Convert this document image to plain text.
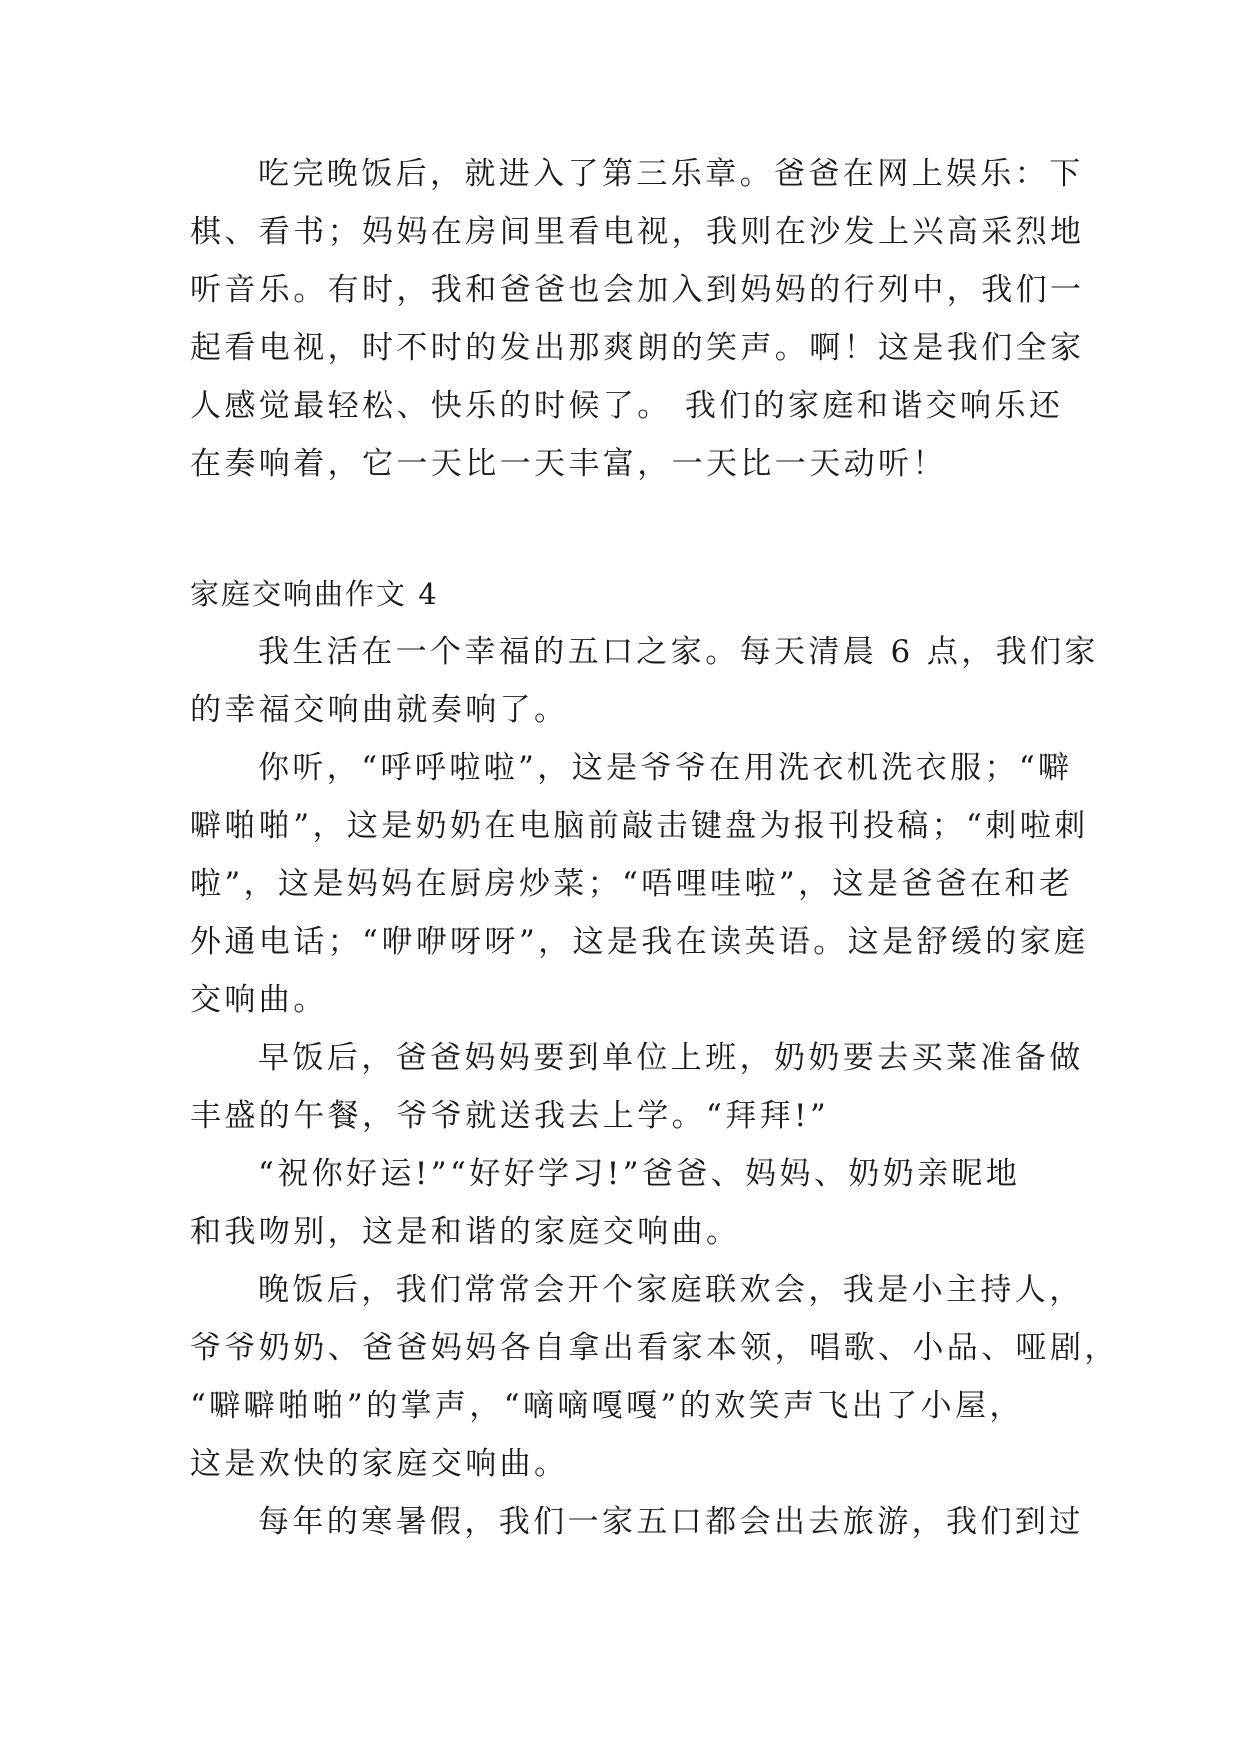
吃完晚饭后，就进入了第三乐章。爸爸在网上娱乐：下
棋、看书；妈妈在房间里看电视，我则在沙发上兴高采烈地
听音乐。有时，我和爸爸也会加入到妈妈的行列中，我们一
起看电视，时不时的发出那爽朗的笑声。啊！这是我们全家
人感觉最轻松、快乐的时候了。 我们的家庭和谐交响乐还
在奏响着，它一天比一天丰富，一天比一天动听！
家庭交响曲作文 4
我生活在一个幸福的五口之家。每天清晨 6 点，我们家
的幸福交响曲就奏响了。
你听，“呼呼啦啦”，这是爷爷在用洗衣机洗衣服；“噼
噼啪啪”，这是奶奶在电脑前敲击键盘为报刊投稿；“刺啦刺
啦”，这是妈妈在厨房炒菜；“唔哩哇啦”，这是爸爸在和老
外通电话；“咿咿呀呀”，这是我在读英语。这是舒缓的家庭
交响曲。
早饭后，爸爸妈妈要到单位上班，奶奶要去买菜准备做
丰盛的午餐，爷爷就送我去上学。“拜拜!”
“祝你好运!”“好好学习!”爸爸、妈妈、奶奶亲昵地
和我吻别，这是和谐的家庭交响曲。
晚饭后，我们常常会开个家庭联欢会，我是小主持人，
爷爷奶奶、爸爸妈妈各自拿出看家本领，唱歌、小品、哑剧，
“噼噼啪啪”的掌声，“嘀嘀嘎嘎”的欢笑声飞出了小屋，
这是欢快的家庭交响曲。
每年的寒暑假，我们一家五口都会出去旅游，我们到过
